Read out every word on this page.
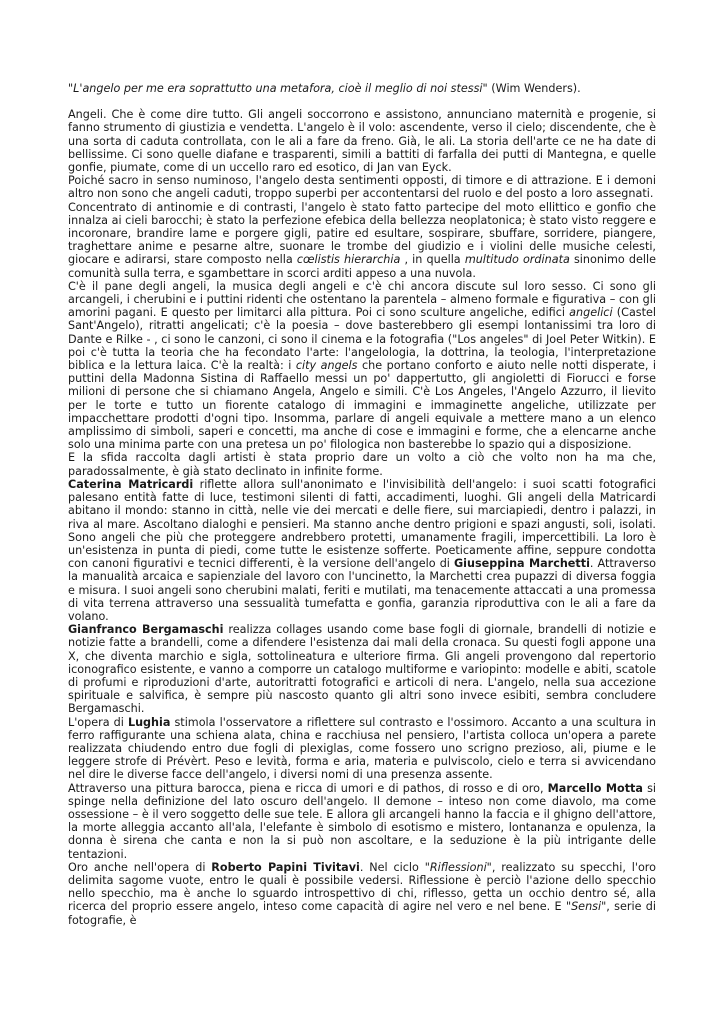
"L'angelo per me era soprattutto una metafora, cioè il meglio di noi stessi" (Wim Wenders).

Angeli. Che è come dire tutto. Gli angeli soccorrono e assistono, annunciano maternità e progenie, si fanno strumento di giustizia e vendetta. L'angelo è il volo: ascendente, verso il cielo; discendente, che è una sorta di caduta controllata, con le ali a fare da freno. Già, le ali. La storia dell'arte ce ne ha date di bellissime. Ci sono quelle diafane e trasparenti, simili a battiti di farfalla dei putti di Mantegna, e quelle gonfie, piumate, come di un uccello raro ed esotico, di Jan van Eyck.

Poiché sacro in senso numinoso, l'angelo desta sentimenti opposti, di timore e di attrazione. E i demoni altro non sono che angeli caduti, troppo superbi per accontentarsi del ruolo e del posto a loro assegnati.

Concentrato di antinomie e di contrasti, l'angelo è stato fatto partecipe del moto ellittico e gonfio che innalza ai cieli barocchi; è stato la perfezione efebica della bellezza neoplatonica; è stato visto reggere e incoronare, brandire lame e porgere gigli, patire ed esultare, sospirare, sbuffare, sorridere, piangere, traghettare anime e pesarne altre, suonare le trombe del giudizio e i violini delle musiche celesti, giocare e adirarsi, stare composto nella cœlistis hierarchia , in quella multitudo ordinata sinonimo delle comunità sulla terra, e sgambettare in scorci arditi appeso a una nuvola.

C'è il pane degli angeli, la musica degli angeli e c'è chi ancora discute sul loro sesso. Ci sono gli arcangeli, i cherubini e i puttini ridenti che ostentano la parentela – almeno formale e figurativa – con gli amorini pagani. E questo per limitarci alla pittura. Poi ci sono sculture angeliche, edifici angelici (Castel Sant'Angelo), ritratti angelicati; c'è la poesia – dove basterebbero gli esempi lontanissimi tra loro di Dante e Rilke - , ci sono le canzoni, ci sono il cinema e la fotografia ("Los angeles" di Joel Peter Witkin). E poi c'è tutta la teoria che ha fecondato l'arte: l'angelologia, la dottrina, la teologia, l'interpretazione biblica e la lettura laica. C'è la realtà: i city angels che portano conforto e aiuto nelle notti disperate, i puttini della Madonna Sistina di Raffaello messi un po' dappertutto, gli angioletti di Fiorucci e forse milioni di persone che si chiamano Angela, Angelo e simili. C'è Los Angeles, l'Angelo Azzurro, il lievito per le torte e tutto un fiorente catalogo di immagini e immaginette angeliche, utilizzate per impacchettare prodotti d'ogni tipo. Insomma, parlare di angeli equivale a mettere mano a un elenco amplissimo di simboli, saperi e concetti, ma anche di cose e immagini e forme, che a elencarne anche solo una minima parte con una pretesa un po' filologica non basterebbe lo spazio qui a disposizione.

E la sfida raccolta dagli artisti è stata proprio dare un volto a ciò che volto non ha ma che, paradossalmente, è già stato declinato in infinite forme.

Caterina Matricardi riflette allora sull'anonimato e l'invisibilità dell'angelo: i suoi scatti fotografici palesano entità fatte di luce, testimoni silenti di fatti, accadimenti, luoghi. Gli angeli della Matricardi abitano il mondo: stanno in città, nelle vie dei mercati e delle fiere, sui marciapiedi, dentro i palazzi, in riva al mare. Ascoltano dialoghi e pensieri. Ma stanno anche dentro prigioni e spazi angusti, soli, isolati. Sono angeli che più che proteggere andrebbero protetti, umanamente fragili, impercettibili. La loro è un'esistenza in punta di piedi, come tutte le esistenze sofferte. Poeticamente affine, seppure condotta con canoni figurativi e tecnici differenti, è la versione dell'angelo di Giuseppina Marchetti. Attraverso la manualità arcaica e sapienziale del lavoro con l'uncinetto, la Marchetti crea pupazzi di diversa foggia e misura. I suoi angeli sono cherubini malati, feriti e mutilati, ma tenacemente attaccati a una promessa di vita terrena attraverso una sessualità tumefatta e gonfia, garanzia riproduttiva con le ali a fare da volano.

Gianfranco Bergamaschi realizza collages usando come base fogli di giornale, brandelli di notizie e notizie fatte a brandelli, come a difendere l'esistenza dai mali della cronaca. Su questi fogli appone una X, che diventa marchio e sigla, sottolineatura e ulteriore firma. Gli angeli provengono dal repertorio iconografico esistente, e vanno a comporre un catalogo multiforme e variopinto: modelle e abiti, scatole di profumi e riproduzioni d'arte, autoritratti fotografici e articoli di nera. L'angelo, nella sua accezione spirituale e salvifica, è sempre più nascosto quanto gli altri sono invece esibiti, sembra concludere Bergamaschi.

L'opera di Lughia stimola l'osservatore a riflettere sul contrasto e l'ossimoro. Accanto a una scultura in ferro raffigurante una schiena alata, china e racchiusa nel pensiero, l'artista colloca un'opera a parete realizzata chiudendo entro due fogli di plexiglas, come fossero uno scrigno prezioso, ali, piume e le leggere strofe di Prévèrt. Peso e levità, forma e aria, materia e pulviscolo, cielo e terra si avvicendano nel dire le diverse facce dell'angelo, i diversi nomi di una presenza assente.

Attraverso una pittura barocca, piena e ricca di umori e di pathos, di rosso e di oro, Marcello Motta si spinge nella definizione del lato oscuro dell'angelo. Il demone – inteso non come diavolo, ma come ossessione – è il vero soggetto delle sue tele. E allora gli arcangeli hanno la faccia e il ghigno dell'attore, la morte alleggia accanto all'ala, l'elefante è simbolo di esotismo e mistero, lontananza e opulenza, la donna è sirena che canta e non la si può non ascoltare, e la seduzione è la più intrigante delle tentazioni.

Oro anche nell'opera di Roberto Papini Tivitavi. Nel ciclo "Riflessioni", realizzato su specchi, l'oro delimita sagome vuote, entro le quali è possibile vedersi. Riflessione è perciò l'azione dello specchio nello specchio, ma è anche lo sguardo introspettivo di chi, riflesso, getta un occhio dentro sé, alla ricerca del proprio essere angelo, inteso come capacità di agire nel vero e nel bene. E "Sensi", serie di fotografie, è
